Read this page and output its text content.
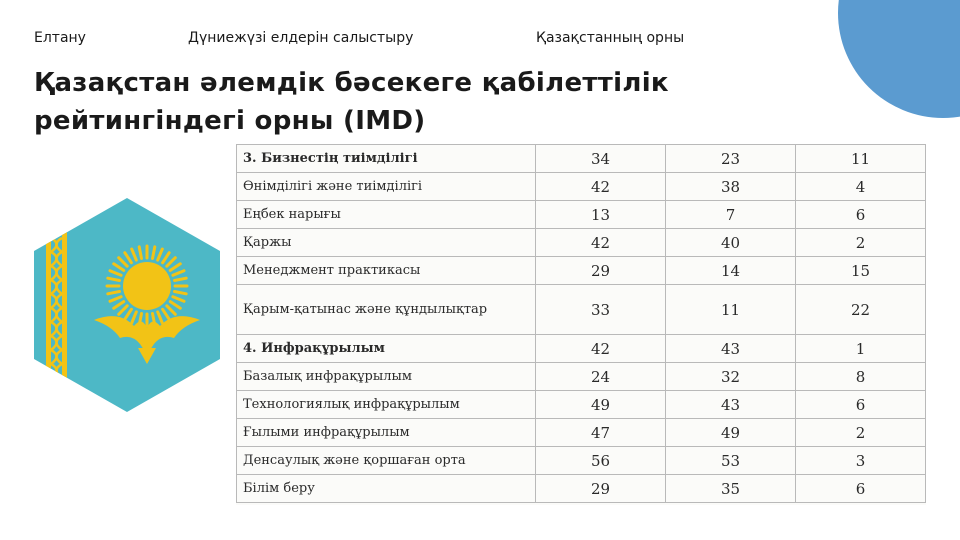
Елтану	Дүниежүзі елдерін салыстыру	Қазақстанның орны
Қазақстан әлемдік бәсекеге қабілеттілік
рейтингіндегі орны (IMD)
3. Бизнестің тиімділігі	34	23	11
Өнімділігі және тиімділігі	42	38	4
Еңбек нарығы	13	7	6
Қаржы	42	40	2
Менеджмент практикасы	29	14	15
Қарым-қатынас және құндылықтар	33	11	22
4. Инфрақұрылым	42	43	1
Базалық инфрақұрылым	24	32	8
Технологиялық инфрақұрылым	49	43	6
Ғылыми инфрақұрылым	47	49	2
Денсаулық және қоршаған орта	56	53	3
Білім беру	29	35	6
